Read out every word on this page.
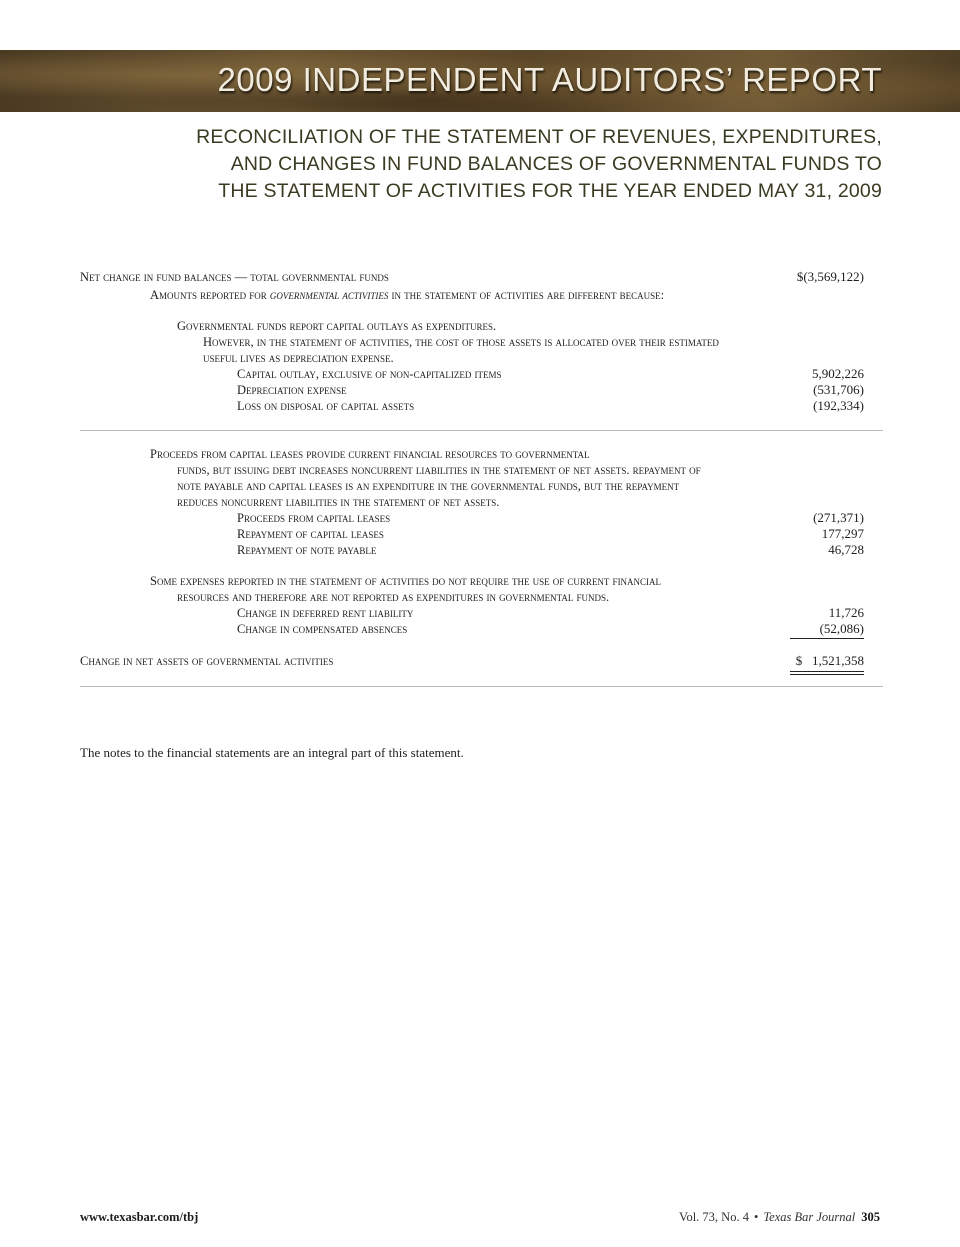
2009 INDEPENDENT AUDITORS’ REPORT
RECONCILIATION OF THE STATEMENT OF REVENUES, EXPENDITURES,
AND CHANGES IN FUND BALANCES OF GOVERNMENTAL FUNDS TO
THE STATEMENT OF ACTIVITIES FOR THE YEAR ENDED MAY 31, 2009
Net change in fund balances — total governmental funds	$(3,569,122)
Amounts reported for governmental activities in the statement of activities are different because:
Governmental funds report capital outlays as expenditures.
However, in the statement of activities, the cost of those assets is allocated over their estimated
useful lives as depreciation expense.
Capital outlay, exclusive of non-capitalized items	5,902,226
Depreciation expense	(531,706)
Loss on disposal of capital assets	(192,334)
Proceeds from capital leases provide current financial resources to governmental
funds, but issuing debt increases noncurrent liabilities in the statement of net assets. repayment of
note payable and capital leases is an expenditure in the governmental funds, but the repayment
reduces noncurrent liabilities in the statement of net assets.
Proceeds from capital leases	(271,371)
Repayment of capital leases	177,297
Repayment of note payable	46,728
Some expenses reported in the statement of activities do not require the use of current financial
resources and therefore are not reported as expenditures in governmental funds.
Change in deferred rent liability	11,726
Change in compensated absences	(52,086)
Change in net assets of governmental activities	$   1,521,358

The notes to the financial statements are an integral part of this statement.

www.texasbar.com/tbj	Vol. 73, No. 4 • Texas Bar Journal 305
